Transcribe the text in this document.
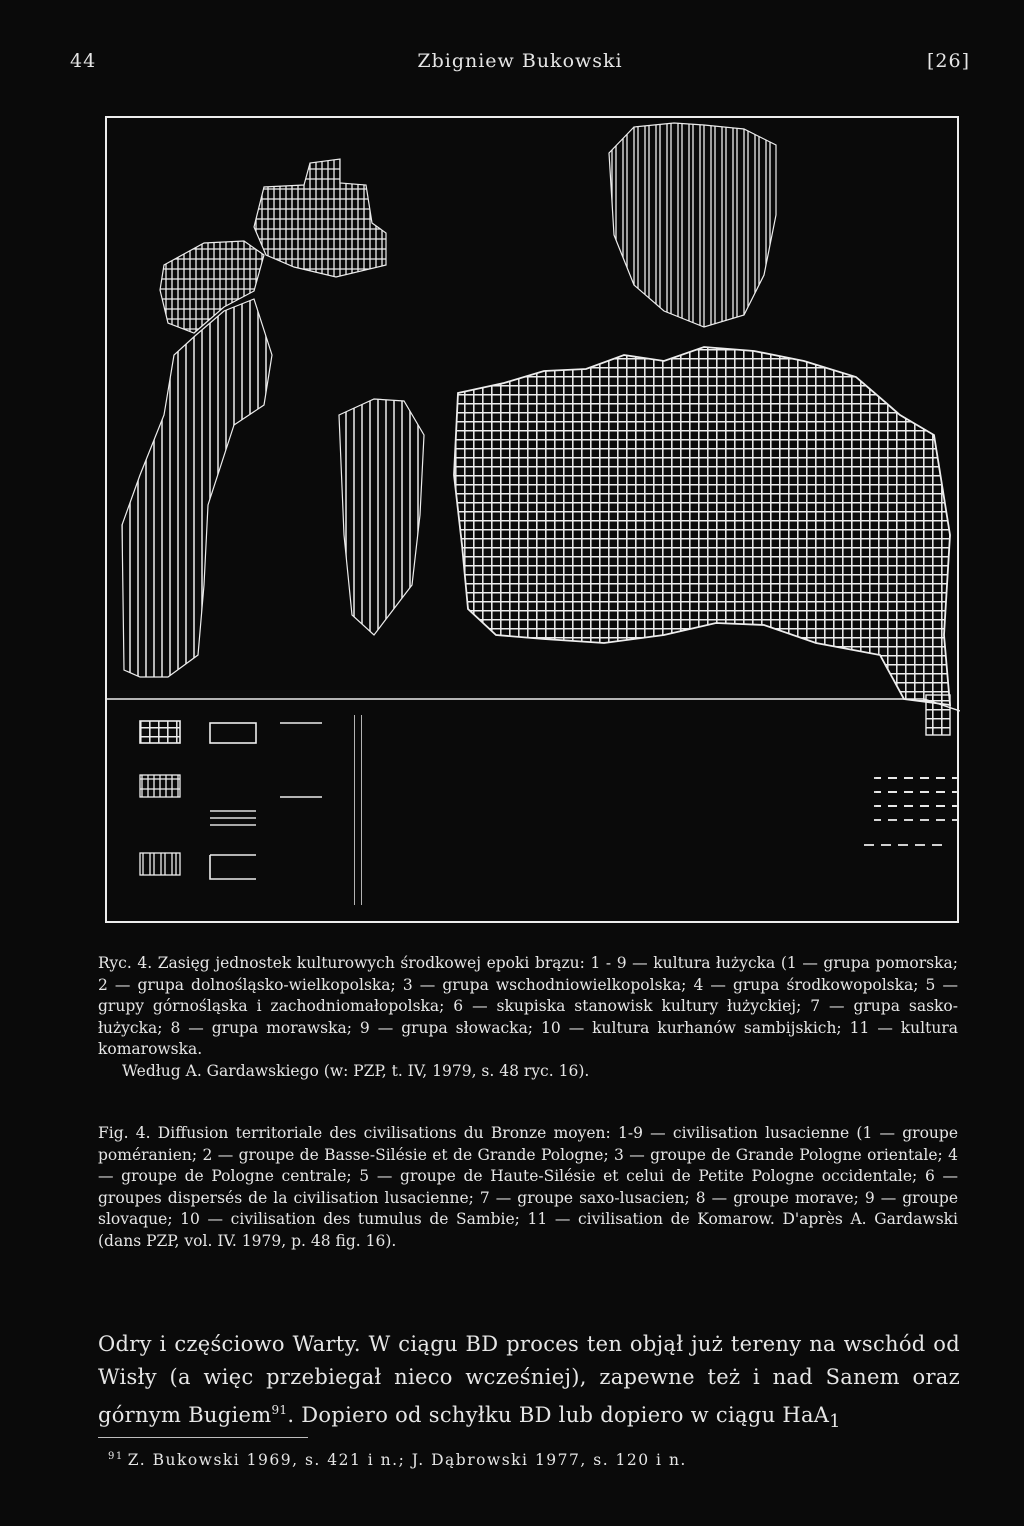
44	Zbigniew Bukowski	[26]

Ryc. 4. Zasięg jednostek kulturowych środkowej epoki brązu: 1 - 9 — kultura łużycka (1 — grupa pomorska; 2 — grupa dolnośląsko-wielkopolska; 3 — grupa wschodniowielkopolska; 4 — grupa środkowopolska; 5 — grupy górnośląska i zachodniomałopolska; 6 — skupiska stanowisk kultury łużyckiej; 7 — grupa sasko-łużycka; 8 — grupa morawska; 9 — grupa słowacka; 10 — kultura kurhanów sambijskich; 11 — kultura komarowska.

Według A. Gardawskiego (w: PZP, t. IV, 1979, s. 48 ryc. 16).

Fig. 4. Diffusion territoriale des civilisations du Bronze moyen: 1-9 — civilisation lusacienne (1 — groupe poméranien; 2 — groupe de Basse-Silésie et de Grande Pologne; 3 — groupe de Grande Pologne orientale; 4 — groupe de Pologne centrale; 5 — groupe de Haute-Silésie et celui de Petite Pologne occidentale; 6 — groupes dispersés de la civilisation lusacienne; 7 — groupe saxo-lusacien; 8 — groupe morave; 9 — groupe slovaque; 10 — civilisation des tumulus de Sambie; 11 — civilisation de Komarow. D'après A. Gardawski (dans PZP, vol. IV. 1979, p. 48 fig. 16).

Odry i częściowo Warty. W ciągu BD proces ten objął już tereny na wschód od Wisły (a więc przebiegał nieco wcześniej), zapewne też i nad Sanem oraz górnym Bugiem$^{91}$. Dopiero od schyłku BD lub dopiero w ciągu HaA$_1$

$^{91}$ Z. Bukowski 1969, s. 421 i n.; J. Dąbrowski 1977, s. 120 i n.
